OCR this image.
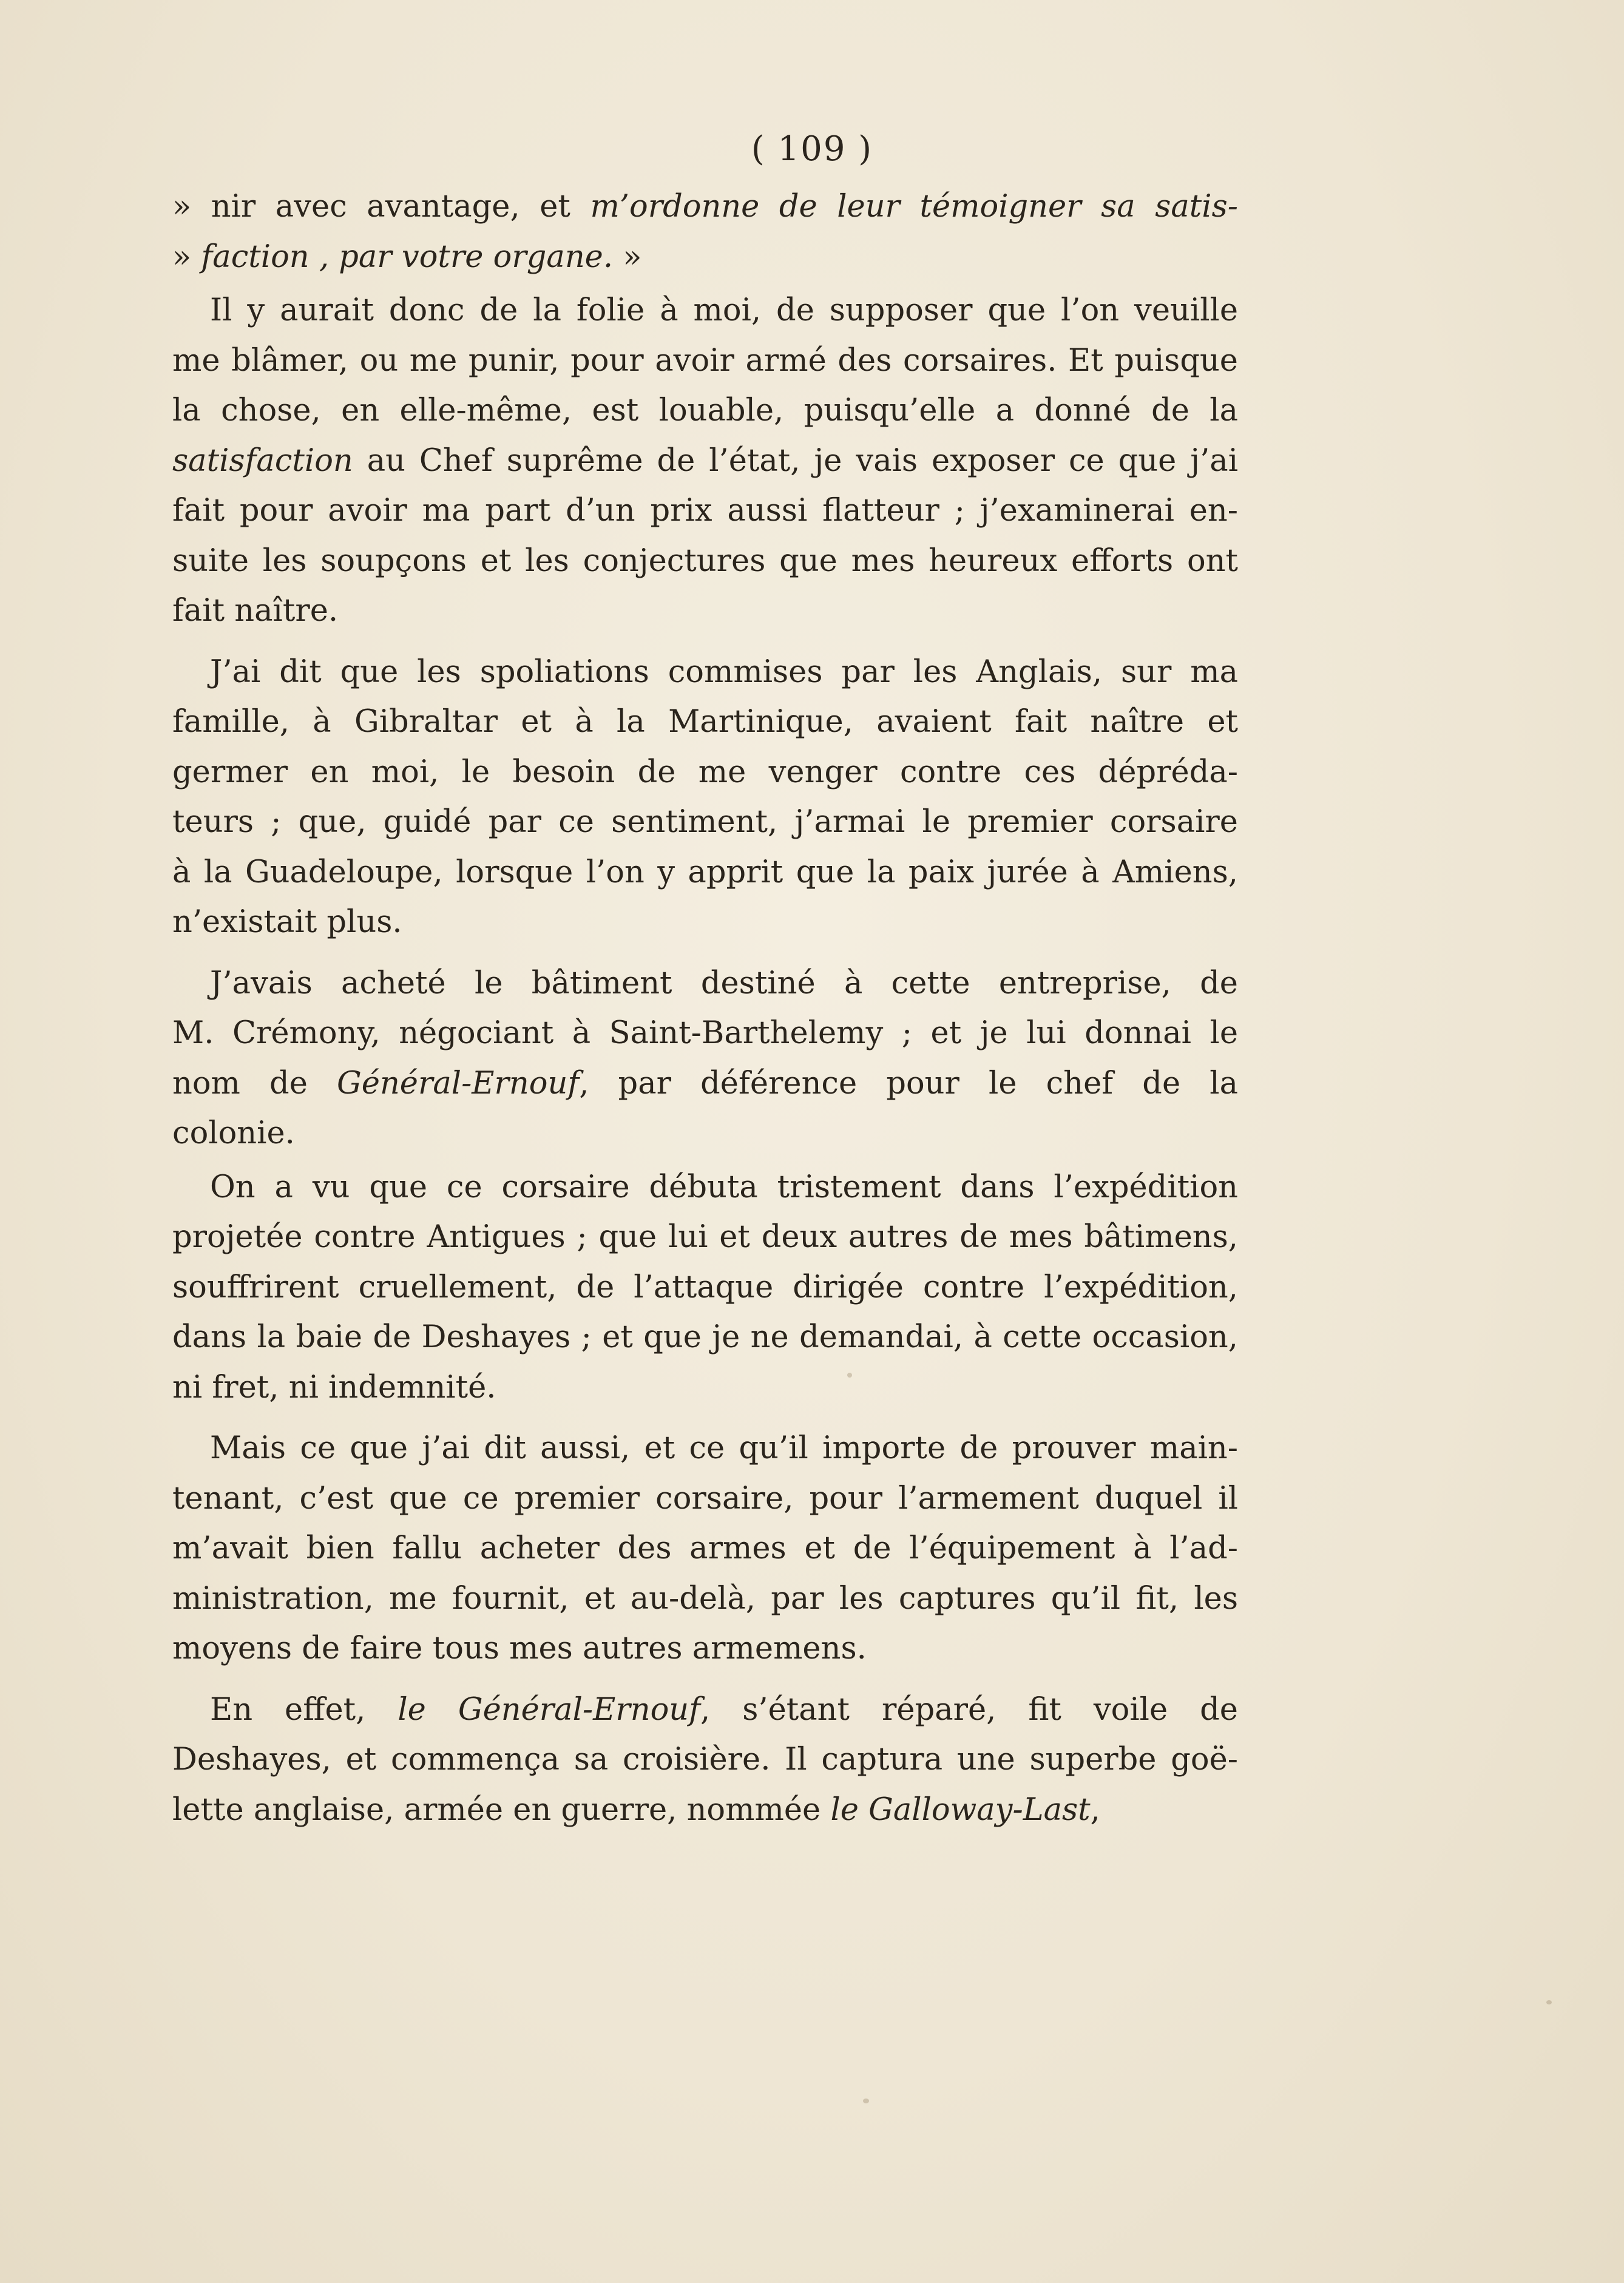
( 109 )
» nir avec avantage, et m’ordonne de leur témoigner sa satis-
» faction , par votre organe. »
Il y aurait donc de la folie à moi, de supposer que l’on veuille
me blâmer, ou me punir, pour avoir armé des corsaires. Et puisque
la chose, en elle-même, est louable, puisqu’elle a donné de la
satisfaction au Chef suprême de l’état, je vais exposer ce que j’ai
fait pour avoir ma part d’un prix aussi flatteur ; j’examinerai en-
suite les soupçons et les conjectures que mes heureux efforts ont
fait naître.
J’ai dit que les spoliations commises par les Anglais, sur ma
famille, à Gibraltar et à la Martinique, avaient fait naître et
germer en moi, le besoin de me venger contre ces dépréda-
teurs ; que, guidé par ce sentiment, j’armai le premier corsaire
à la Guadeloupe, lorsque l’on y apprit que la paix jurée à Amiens,
n’existait plus.
J’avais acheté le bâtiment destiné à cette entreprise, de
M. Crémony, négociant à Saint-Barthelemy ; et je lui donnai le
nom de Général-Ernouf, par déférence pour le chef de la
colonie.
On a vu que ce corsaire débuta tristement dans l’expédition
projetée contre Antigues ; que lui et deux autres de mes bâtimens,
souffrirent cruellement, de l’attaque dirigée contre l’expédition,
dans la baie de Deshayes ; et que je ne demandai, à cette occasion,
ni fret, ni indemnité.
Mais ce que j’ai dit aussi, et ce qu’il importe de prouver main-
tenant, c’est que ce premier corsaire, pour l’armement duquel il
m’avait bien fallu acheter des armes et de l’équipement à l’ad-
ministration, me fournit, et au-delà, par les captures qu’il fit, les
moyens de faire tous mes autres armemens.
En effet, le Général-Ernouf, s’étant réparé, fit voile de
Deshayes, et commença sa croisière. Il captura une superbe goë-
lette anglaise, armée en guerre, nommée le Galloway-Last,
